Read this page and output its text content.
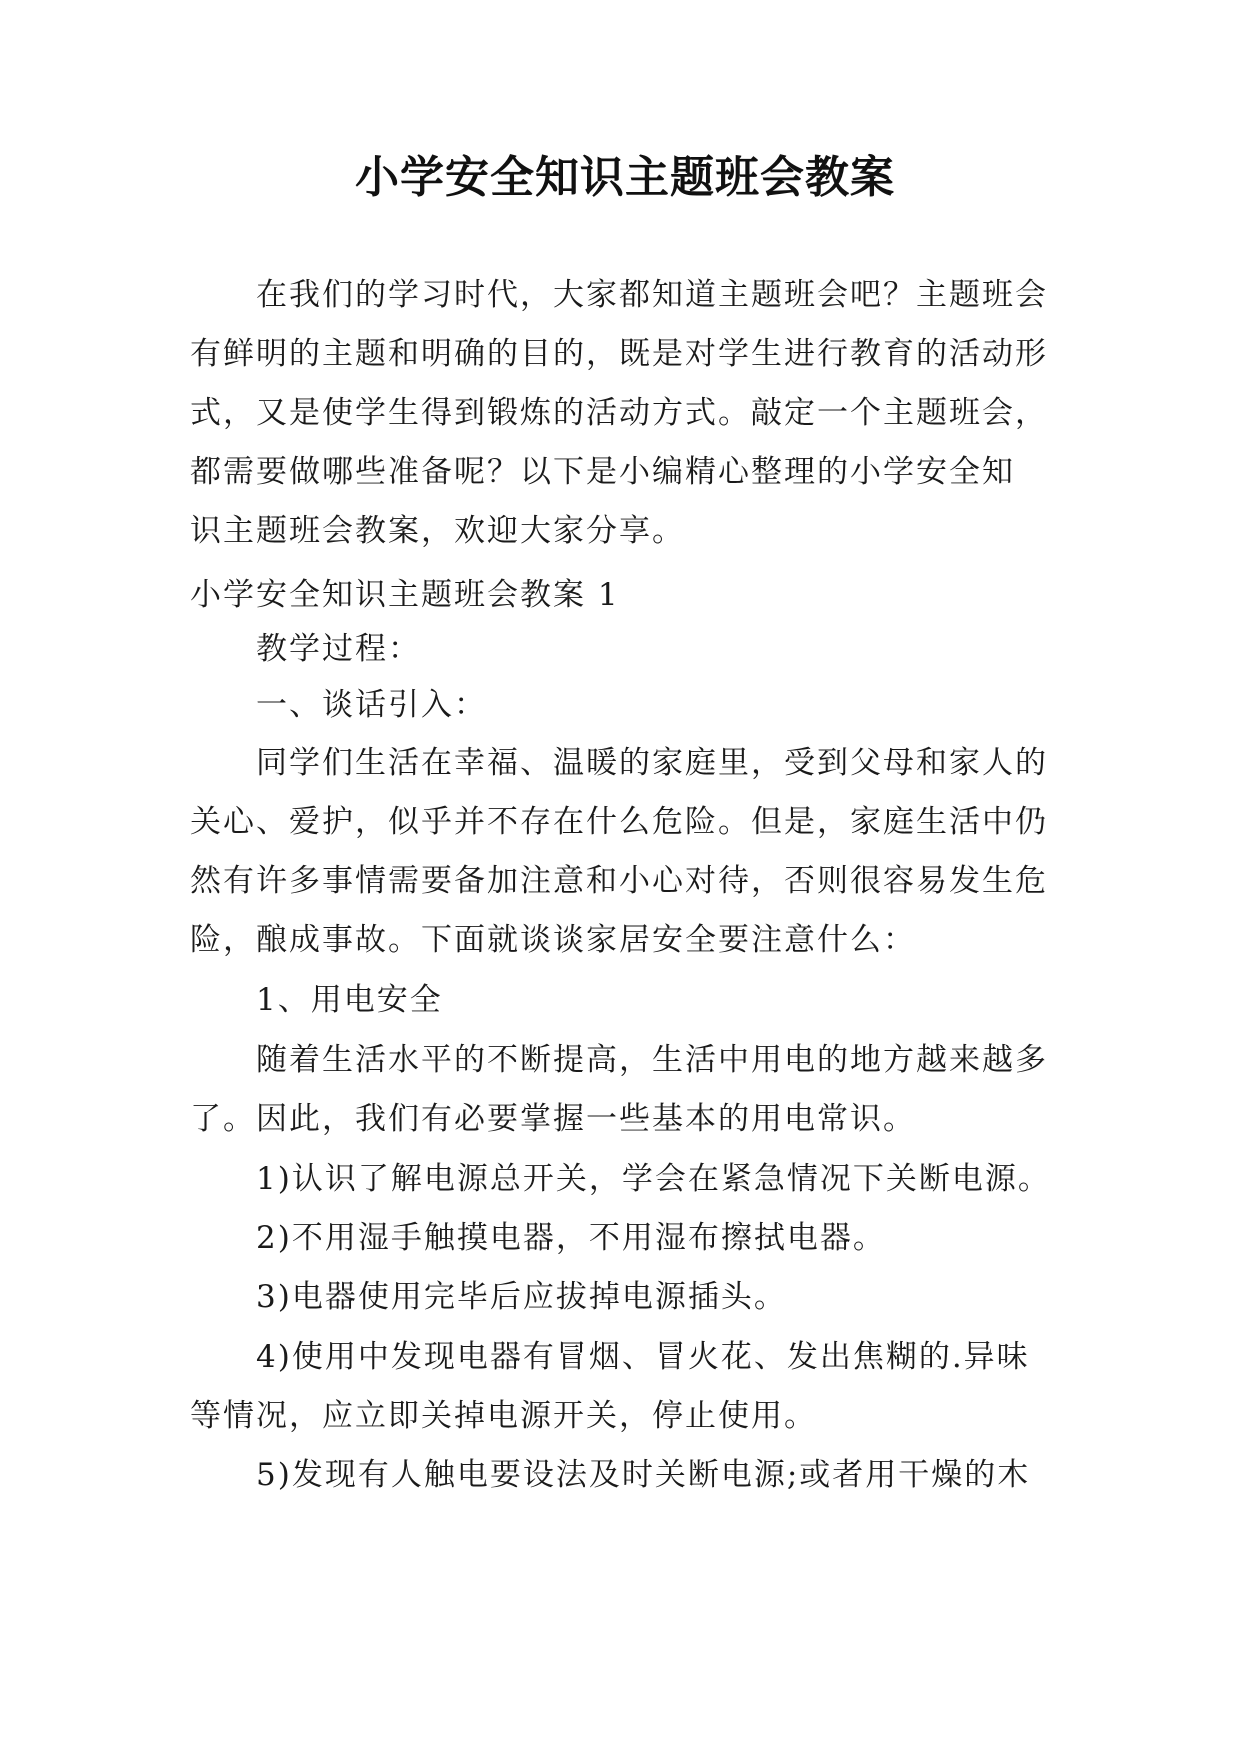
小学安全知识主题班会教案
在我们的学习时代，大家都知道主题班会吧？主题班会
有鲜明的主题和明确的目的，既是对学生进行教育的活动形
式，又是使学生得到锻炼的活动方式。敲定一个主题班会，
都需要做哪些准备呢？以下是小编精心整理的小学安全知
识主题班会教案，欢迎大家分享。
小学安全知识主题班会教案 1
教学过程：
一、谈话引入：
同学们生活在幸福、温暖的家庭里，受到父母和家人的
关心、爱护，似乎并不存在什么危险。但是，家庭生活中仍
然有许多事情需要备加注意和小心对待，否则很容易发生危
险，酿成事故。下面就谈谈家居安全要注意什么：
1、用电安全
随着生活水平的不断提高，生活中用电的地方越来越多
了。因此，我们有必要掌握一些基本的用电常识。
1)认识了解电源总开关，学会在紧急情况下关断电源。
2)不用湿手触摸电器，不用湿布擦拭电器。
3)电器使用完毕后应拔掉电源插头。
4)使用中发现电器有冒烟、冒火花、发出焦糊的.异味
等情况，应立即关掉电源开关，停止使用。
5)发现有人触电要设法及时关断电源;或者用干燥的木
